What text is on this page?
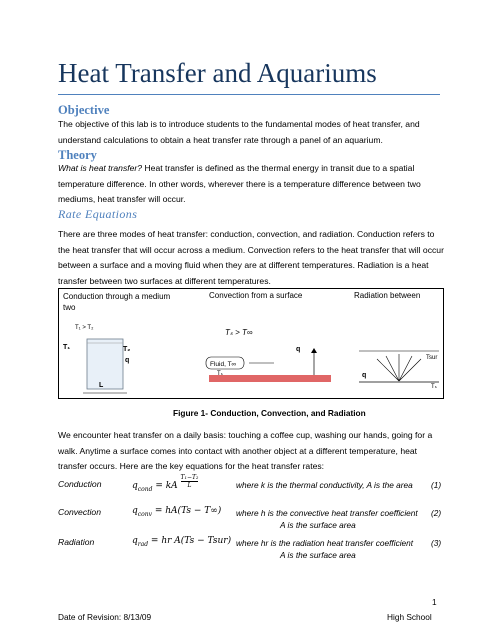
Heat Transfer and Aquariums
Objective
The objective of this lab is to introduce students to the fundamental modes of heat transfer, and understand calculations to obtain a heat transfer rate through a panel of an aquarium.
Theory
What is heat transfer? Heat transfer is defined as the thermal energy in transit due to a spatial temperature difference. In other words, wherever there is a temperature difference between two mediums, heat transfer will occur.
Rate Equations
There are three modes of heat transfer: conduction, convection, and radiation. Conduction refers to the heat transfer that will occur across a medium. Convection refers to the heat transfer that will occur between a surface and a moving fluid when they are at different temperatures. Radiation is a heat transfer between two surfaces at different temperatures.
Conduction through a medium two
Convection from a surface	Radiation between
T₁ > T₂
T₁	T₂
q
L
Tₛ > T∞
Fluid, T∞
q
Tₛ	q
Tsur
Tₛ
Figure 1- Conduction, Convection, and Radiation
We encounter heat transfer on a daily basis: touching a coffee cup, washing our hands, going for a walk. Anytime a surface comes into contact with another object at a different temperature, heat transfer occurs. Here are the key equations for the heat transfer rates:
Conduction	$q_{cond}$ = kA $\frac{\text{T₁−T₂}}{L}$	where k is the thermal conductivity, A is the area (1)
Convection	$q_{conv} = hA(Ts - T\infty)$ where h is the convective heat transfer coefficient (2)
A is the surface area
Radiation	$q_{rad}$ = hr A(Ts − Tsur) where hr is the radiation heat transfer coefficient (3)
A is the surface area
1
Date of Revision: 8/13/09	High School
